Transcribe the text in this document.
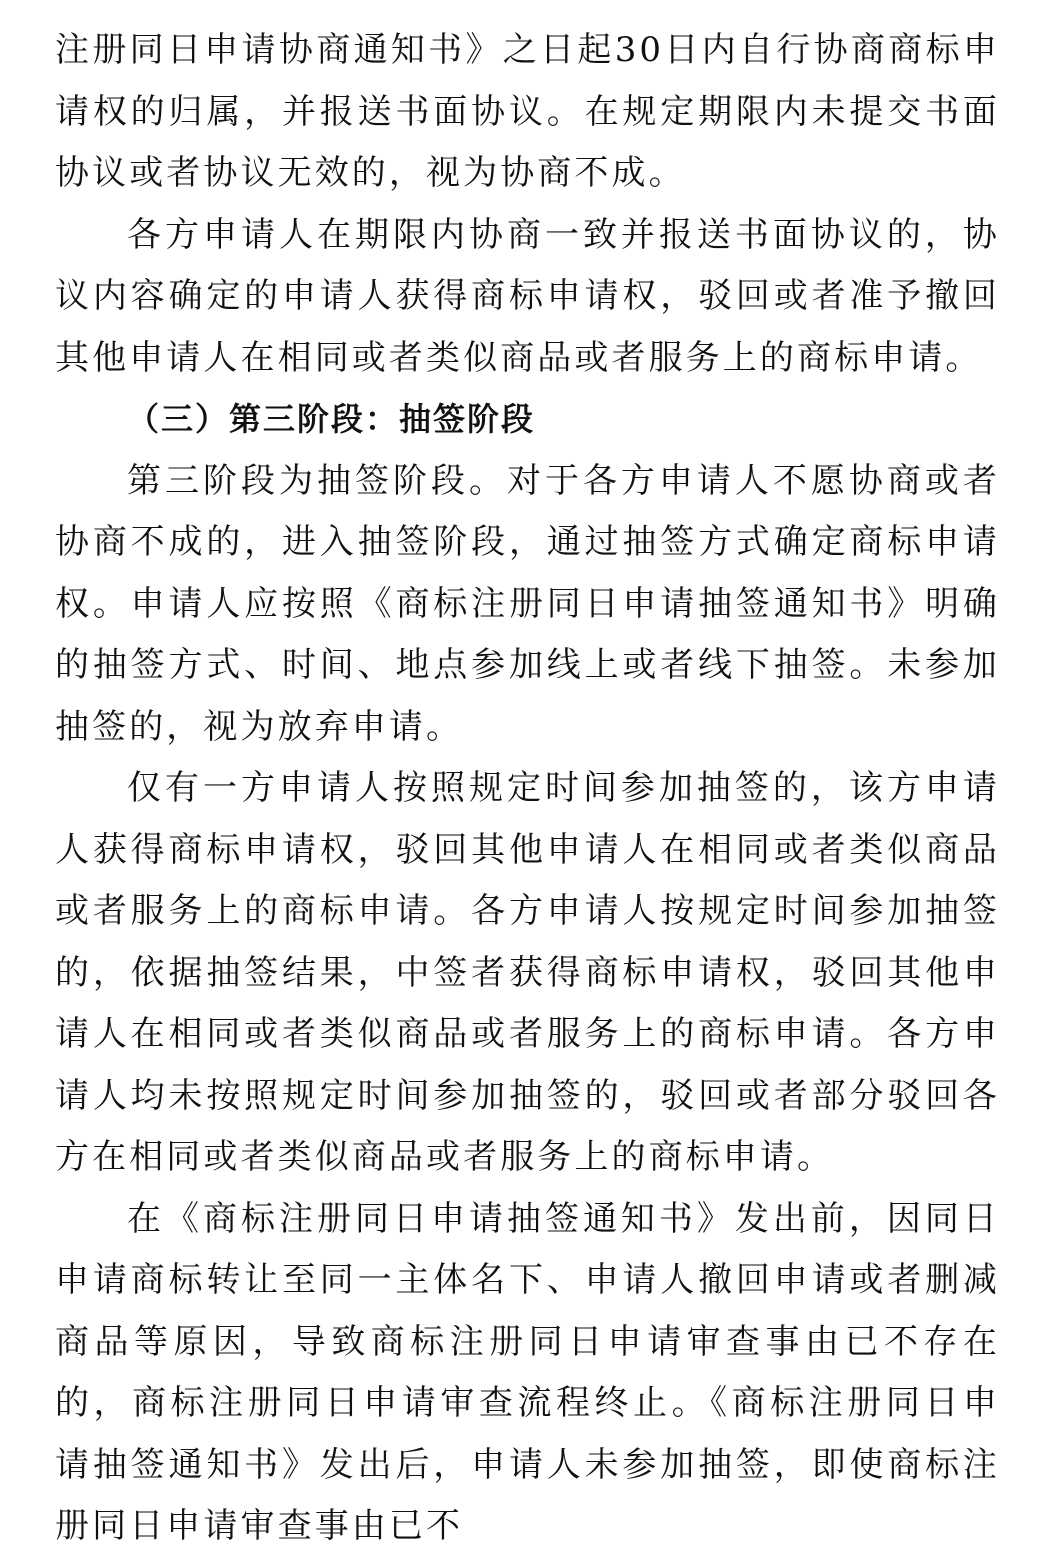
注册同日申请协商通知书》之日起30日内自行协商商标申请权的归属，并报送书面协议。在规定期限内未提交书面协议或者协议无效的，视为协商不成。

各方申请人在期限内协商一致并报送书面协议的，协议内容确定的申请人获得商标申请权，驳回或者准予撤回其他申请人在相同或者类似商品或者服务上的商标申请。

（三）第三阶段：抽签阶段

第三阶段为抽签阶段。对于各方申请人不愿协商或者协商不成的，进入抽签阶段，通过抽签方式确定商标申请权。申请人应按照《商标注册同日申请抽签通知书》明确的抽签方式、时间、地点参加线上或者线下抽签。未参加抽签的，视为放弃申请。

仅有一方申请人按照规定时间参加抽签的，该方申请人获得商标申请权，驳回其他申请人在相同或者类似商品或者服务上的商标申请。各方申请人按规定时间参加抽签的，依据抽签结果，中签者获得商标申请权，驳回其他申请人在相同或者类似商品或者服务上的商标申请。各方申请人均未按照规定时间参加抽签的，驳回或者部分驳回各方在相同或者类似商品或者服务上的商标申请。

在《商标注册同日申请抽签通知书》发出前，因同日申请商标转让至同一主体名下、申请人撤回申请或者删减商品等原因，导致商标注册同日申请审查事由已不存在的，商标注册同日申请审查流程终止。《商标注册同日申请抽签通知书》发出后，申请人未参加抽签，即使商标注册同日申请审查事由已不
